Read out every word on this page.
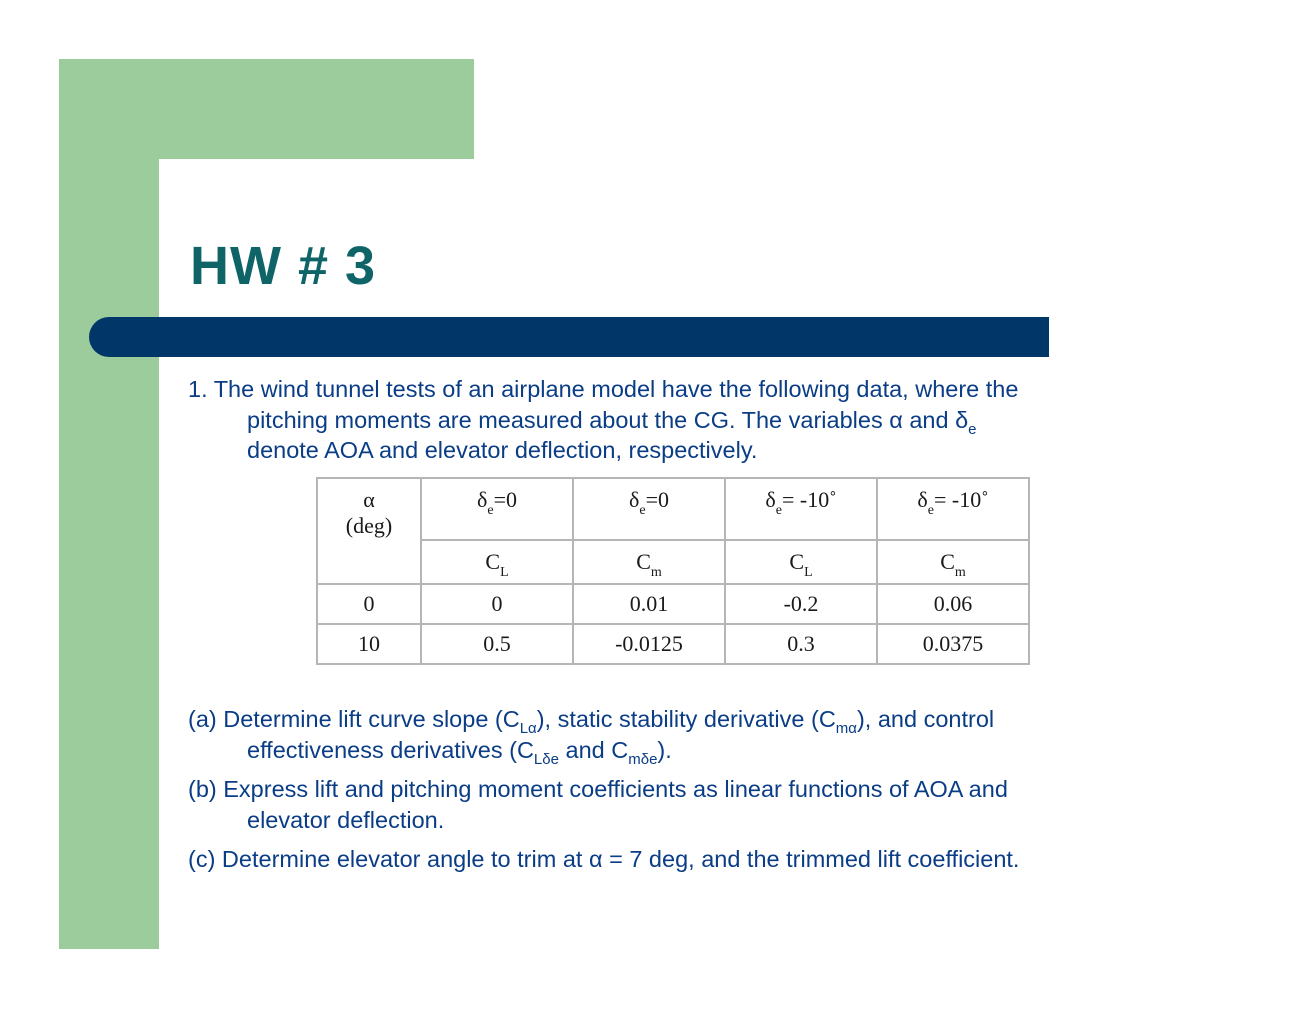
HW # 3

1. The wind tunnel tests of an airplane model have the following data, where the
pitching moments are measured about the CG. The variables α and $\delta_e$
denote AOA and elevator deflection, respectively.

α
(deg)	$\delta_e=0$	$\delta_e=0$	$\delta_e=$ -10˚	$\delta_e=$ -10˚
	$C_L$	$C_m$	$C_L$	$C_m$
0	0	0.01	-0.2	0.06
10	0.5	-0.0125	0.3	0.0375

(a) Determine lift curve slope $(C_{L\alpha})$, static stability derivative $(C_{m\alpha})$, and control
effectiveness derivatives ($C_{L\delta e}$ and $C_{m\delta e}$).

(b) Express lift and pitching moment coefficients as linear functions of AOA and
elevator deflection.

(c) Determine elevator angle to trim at α = 7 deg, and the trimmed lift coefficient.
